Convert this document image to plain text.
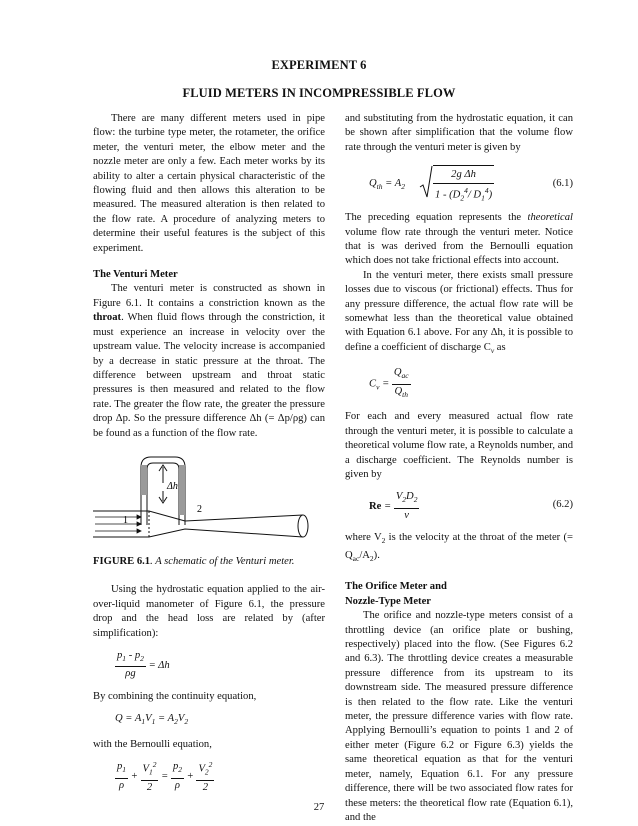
EXPERIMENT 6
FLUID METERS IN INCOMPRESSIBLE FLOW

There are many different meters used in pipe flow: the turbine type meter, the rotameter, the orifice meter, the venturi meter, the elbow meter and the nozzle meter are only a few. Each meter works by its ability to alter a certain physical characteristic of the flowing fluid and then allows this alteration to be measured. The measured alteration is then related to the flow rate. A procedure of analyzing meters to determine their useful features is the subject of this experiment.

The Venturi Meter

The venturi meter is constructed as shown in Figure 6.1. It contains a constriction known as the throat. When fluid flows through the constriction, it must experience an increase in velocity over the upstream value. The velocity increase is accompanied by a decrease in static pressure at the throat. The difference between upstream and throat static pressures is then measured and related to the flow rate. The greater the flow rate, the greater the pressure drop Δp. So the pressure difference Δh (= Δp/ρg) can be found as a function of the flow rate.

Δh
1
2

FIGURE 6.1. A schematic of the Venturi meter.

Using the hydrostatic equation applied to the air-over-liquid manometer of Figure 6.1, the pressure drop and the head loss are related by (after simplification):

$\frac{p_1 - p_2}{\rho g} = \Delta h$

By combining the continuity equation,

$Q = A_1V_1 = A_2V_2$

with the Bernoulli equation,

$\frac{p_1}{\rho} + \frac{V_1^2}{2} = \frac{p_2}{\rho} + \frac{V_2^2}{2}$

and substituting from the hydrostatic equation, it can be shown after simplification that the volume flow rate through the venturi meter is given by

$Q_{th} = A_2$	$\frac{\text{2g Δh}}{1 - (D_2^4/ D_1^4)}$	(6.1)

The preceding equation represents the theoretical volume flow rate through the venturi meter. Notice that is was derived from the Bernoulli equation which does not take frictional effects into account.

In the venturi meter, there exists small pressure losses due to viscous (or frictional) effects. Thus for any pressure difference, the actual flow rate will be somewhat less than the theoretical value obtained with Equation 6.1 above. For any Δh, it is possible to define a coefficient of discharge $C_v$ as

$C_v = \frac{Q_{ac}}{Q_{th}}$

For each and every measured actual flow rate through the venturi meter, it is possible to calculate a theoretical volume flow rate, a Reynolds number, and a discharge coefficient. The Reynolds number is given by

$Re = \frac{V_2D_2}{\nu}$	(6.2)

where $V_2$ is the velocity at the throat of the meter (= $Q_{ac}/A_2$).

The Orifice Meter and

Nozzle-Type Meter

The orifice and nozzle-type meters consist of a throttling device (an orifice plate or bushing, respectively) placed into the flow. (See Figures 6.2 and 6.3). The throttling device creates a measurable pressure difference from its upstream to its downstream side. The measured pressure difference is then related to the flow rate. Like the venturi meter, the pressure difference varies with flow rate. Applying Bernoulli’s equation to points 1 and 2 of either meter (Figure 6.2 or Figure 6.3) yields the same theoretical equation as that for the venturi meter, namely, Equation 6.1. For any pressure difference, there will be two associated flow rates for these meters: the theoretical flow rate (Equation 6.1), and the

27
